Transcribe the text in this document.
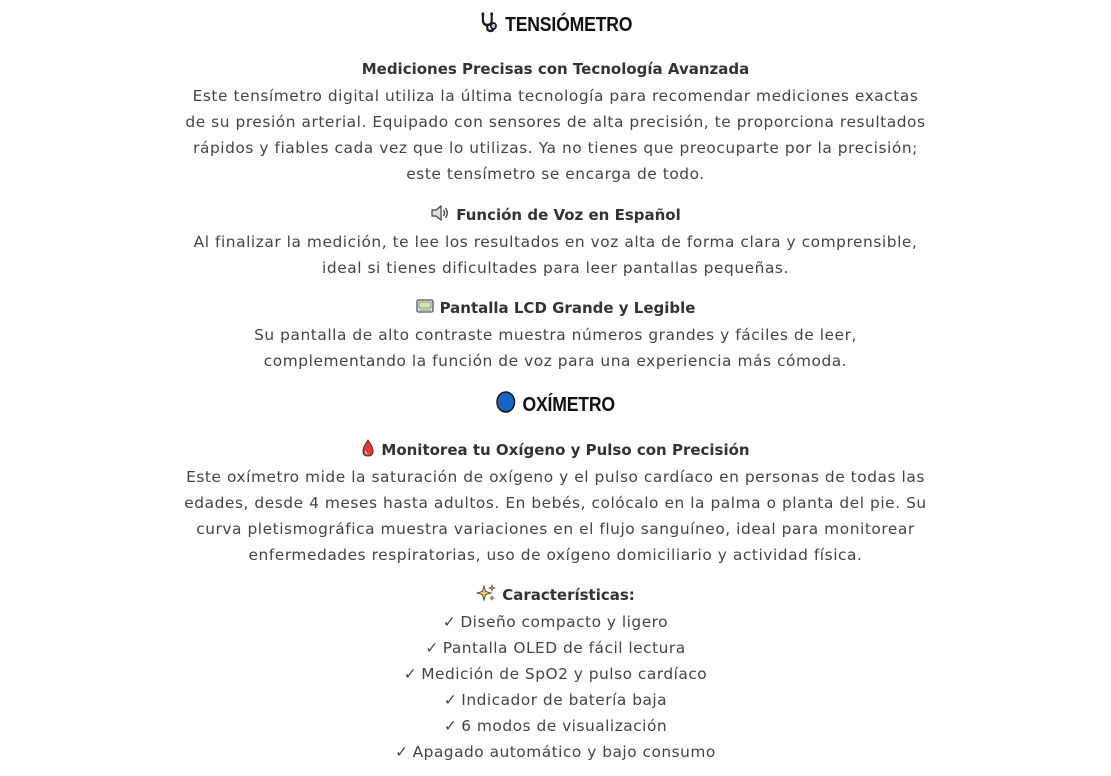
TENSIÓMETRO
Mediciones Precisas con Tecnología Avanzada
Este tensímetro digital utiliza la última tecnología para recomendar mediciones exactas
de su presión arterial. Equipado con sensores de alta precisión, te proporciona resultados
rápidos y fiables cada vez que lo utilizas. Ya no tienes que preocuparte por la precisión;
este tensímetro se encarga de todo.
Función de Voz en Español
Al finalizar la medición, te lee los resultados en voz alta de forma clara y comprensible,
ideal si tienes dificultades para leer pantallas pequeñas.
Pantalla LCD Grande y Legible
Su pantalla de alto contraste muestra números grandes y fáciles de leer,
complementando la función de voz para una experiencia más cómoda.
OXÍMETRO
Monitorea tu Oxígeno y Pulso con Precisión
Este oxímetro mide la saturación de oxígeno y el pulso cardíaco en personas de todas las
edades, desde 4 meses hasta adultos. En bebés, colócalo en la palma o planta del pie. Su
curva pletismográfica muestra variaciones en el flujo sanguíneo, ideal para monitorear
enfermedades respiratorias, uso de oxígeno domiciliario y actividad física.
Características:
✓ Diseño compacto y ligero
✓ Pantalla OLED de fácil lectura
✓ Medición de SpO2 y pulso cardíaco
✓ Indicador de batería baja
✓ 6 modos de visualización
✓ Apagado automático y bajo consumo
